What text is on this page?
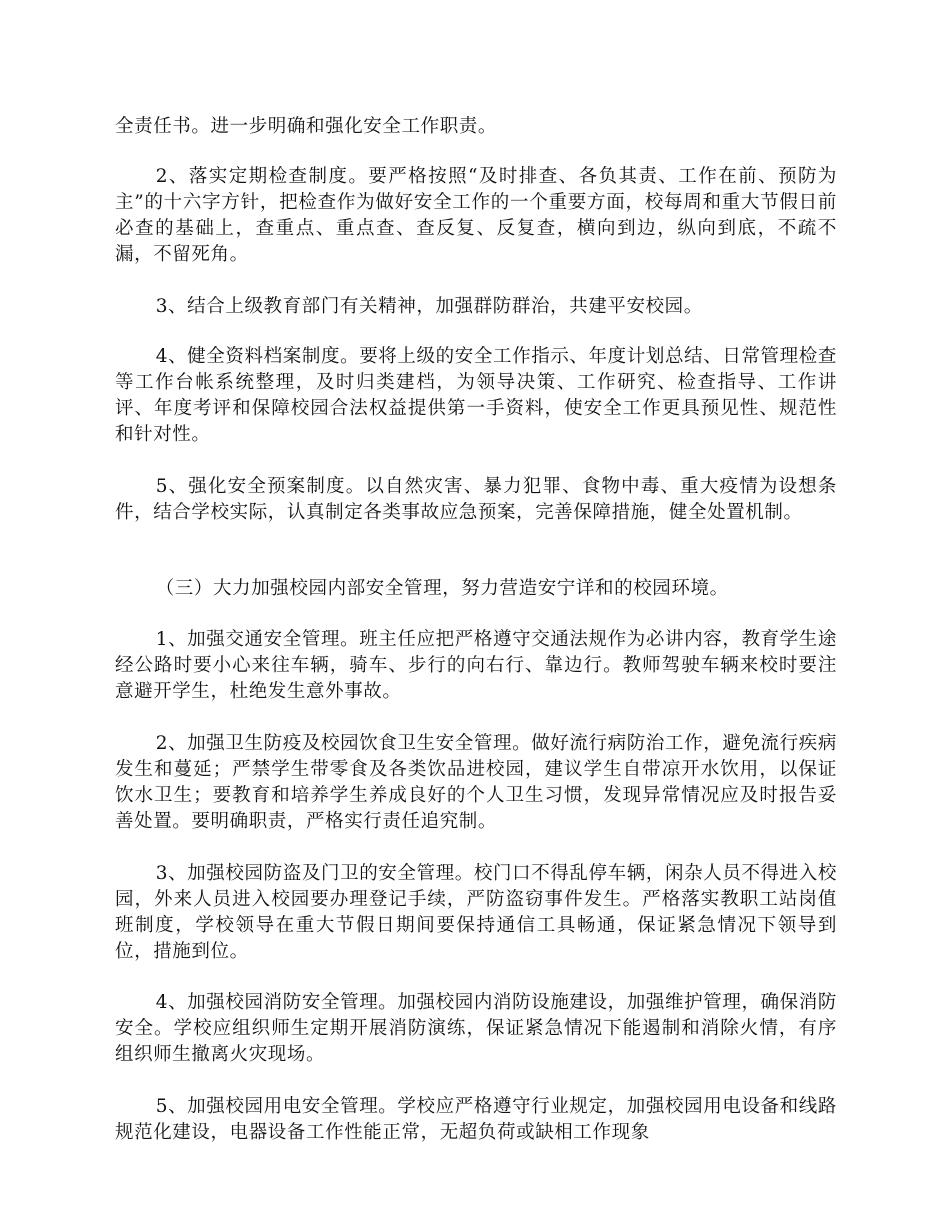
全责任书。进一步明确和强化安全工作职责。

2、落实定期检查制度。要严格按照“及时排查、各负其责、工作在前、预防为主”的十六字方针，把检查作为做好安全工作的一个重要方面，校每周和重大节假日前必查的基础上，查重点、重点查、查反复、反复查，横向到边，纵向到底，不疏不漏，不留死角。

3、结合上级教育部门有关精神，加强群防群治，共建平安校园。

4、健全资料档案制度。要将上级的安全工作指示、年度计划总结、日常管理检查等工作台帐系统整理，及时归类建档，为领导决策、工作研究、检查指导、工作讲评、年度考评和保障校园合法权益提供第一手资料，使安全工作更具预见性、规范性和针对性。

5、强化安全预案制度。以自然灾害、暴力犯罪、食物中毒、重大疫情为设想条件，结合学校实际，认真制定各类事故应急预案，完善保障措施，健全处置机制。

（三）大力加强校园内部安全管理，努力营造安宁详和的校园环境。

1、加强交通安全管理。班主任应把严格遵守交通法规作为必讲内容，教育学生途经公路时要小心来往车辆，骑车、步行的向右行、靠边行。教师驾驶车辆来校时要注意避开学生，杜绝发生意外事故。

2、加强卫生防疫及校园饮食卫生安全管理。做好流行病防治工作，避免流行疾病发生和蔓延；严禁学生带零食及各类饮品进校园，建议学生自带凉开水饮用，以保证饮水卫生；要教育和培养学生养成良好的个人卫生习惯，发现异常情况应及时报告妥善处置。要明确职责，严格实行责任追究制。

3、加强校园防盗及门卫的安全管理。校门口不得乱停车辆，闲杂人员不得进入校园，外来人员进入校园要办理登记手续，严防盗窃事件发生。严格落实教职工站岗值班制度，学校领导在重大节假日期间要保持通信工具畅通，保证紧急情况下领导到位，措施到位。

4、加强校园消防安全管理。加强校园内消防设施建设，加强维护管理，确保消防安全。学校应组织师生定期开展消防演练，保证紧急情况下能遏制和消除火情，有序组织师生撤离火灾现场。

5、加强校园用电安全管理。学校应严格遵守行业规定，加强校园用电设备和线路规范化建设，电器设备工作性能正常，无超负荷或缺相工作现象
